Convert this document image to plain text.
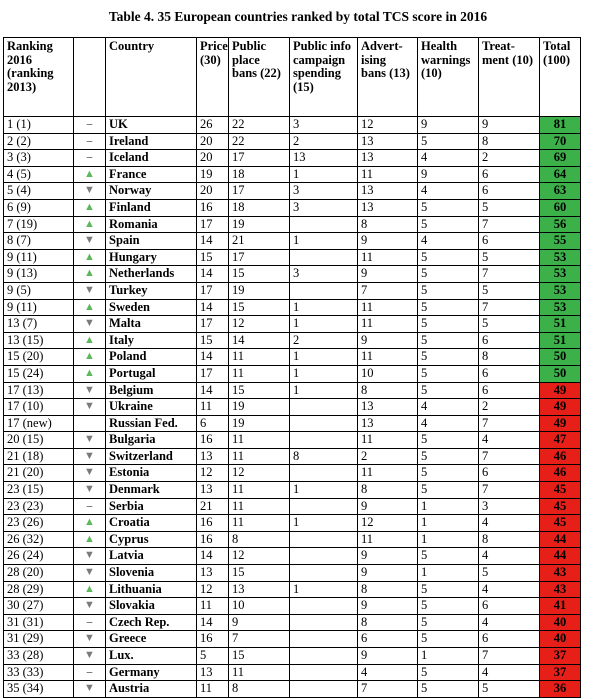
Table 4. 35 European countries ranked by total TCS score in 2016
Ranking 2016 (ranking 2013)		Country	Price (30)	Public place bans (22)	Public info campaign spending (15)	Advert-ising bans (13)	Health warnings (10)	Treat-ment (10)	Total (100)
1 (1)	–	UK	26	22	3	12	9	9	81
2 (2)	–	Ireland	20	22	2	13	5	8	70
3 (3)	–	Iceland	20	17	13	13	4	2	69
4 (5)	▲	France	19	18	1	11	9	6	64
5 (4)	▼	Norway	20	17	3	13	4	6	63
6 (9)	▲	Finland	16	18	3	13	5	5	60
7 (19)	▲	Romania	17	19		8	5	7	56
8 (7)	▼	Spain	14	21	1	9	4	6	55
9 (11)	▲	Hungary	15	17		11	5	5	53
9 (13)	▲	Netherlands	14	15	3	9	5	7	53
9 (5)	▼	Turkey	17	19		7	5	5	53
9 (11)	▲	Sweden	14	15	1	11	5	7	53
13 (7)	▼	Malta	17	12	1	11	5	5	51
13 (15)	▲	Italy	15	14	2	9	5	6	51
15 (20)	▲	Poland	14	11	1	11	5	8	50
15 (24)	▲	Portugal	17	11	1	10	5	6	50
17 (13)	▼	Belgium	14	15	1	8	5	6	49
17 (10)	▼	Ukraine	11	19		13	4	2	49
17 (new)		Russian Fed.	6	19		13	4	7	49
20 (15)	▼	Bulgaria	16	11		11	5	4	47
21 (18)	▼	Switzerland	13	11	8	2	5	7	46
21 (20)	▼	Estonia	12	12		11	5	6	46
23 (15)	▼	Denmark	13	11	1	8	5	7	45
23 (23)	–	Serbia	21	11		9	1	3	45
23 (26)	▲	Croatia	16	11	1	12	1	4	45
26 (32)	▲	Cyprus	16	8		11	1	8	44
26 (24)	▼	Latvia	14	12		9	5	4	44
28 (20)	▼	Slovenia	13	15		9	1	5	43
28 (29)	▲	Lithuania	12	13	1	8	5	4	43
30 (27)	▼	Slovakia	11	10		9	5	6	41
31 (31)	–	Czech Rep.	14	9		8	5	4	40
31 (29)	▼	Greece	16	7		6	5	6	40
33 (28)	▼	Lux.	5	15		9	1	7	37
33 (33)	–	Germany	13	11		4	5	4	37
35 (34)	▼	Austria	11	8		7	5	5	36
